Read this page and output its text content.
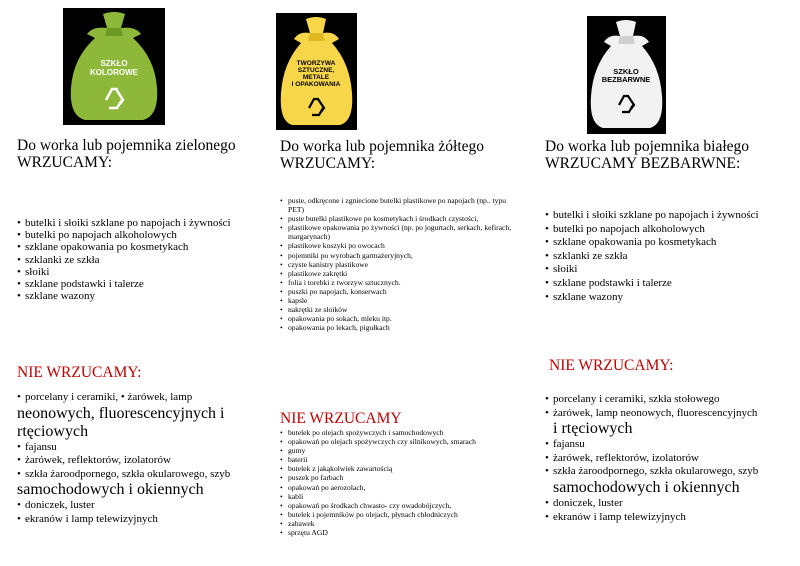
SZKŁO
KOLOROWE
Do worka lub pojemnika zielonego
WRZUCAMY:
• butelki i słoiki szklane po napojach i żywności
• butelki po napojach alkoholowych
• szklane opakowania po kosmetykach
• szklanki ze szkła
• słoiki
• szklane podstawki i talerze
• szklane wazony
NIE WRZUCAMY:
• porcelany i ceramiki, • żarówek, lamp
neonowych, fluorescencyjnych i rtęciowych
• fajansu
• żarówek, reflektorów, izolatorów
• szkła żaroodpornego, szkła okularowego, szyb
samochodowych i okiennych
• doniczek, luster
• ekranów i lamp telewizyjnych
TWORZYWA
SZTUCZNE,
METALE
I OPAKOWANIA
Do worka lub pojemnika żółtego
WRZUCAMY:
• puste, odkręcone i zgniecione butelki plastikowe po napojach (np.. typu PET)
• puste butelki plastikowe po kosmetykach i środkach czystości,
• plastikowe opakowania po żywności (np. po jogurtach, serkach, kefirach, margarynach)
• plastikowe koszyki po owocach
• pojemniki po wyrobach garmażeryjnych,
• czyste kanistry plastikowe
• plastikowe zakrętki
• folia i torebki z tworzyw sztucznych.
• puszki po napojach, konserwach
• kapsle
• nakrętki ze słoików
• opakowania po sokach, mleku itp.
• opakowania po lekach, pigułkach
NIE WRZUCAMY
• butelek po olejach spożywczych i samochodowych
• opakowań po olejach spożywczych czy silnikowych, smarach
• gumy
• baterii
• butelek z jakąkolwiek zawartością
• puszek po farbach
• opakowań po aerozolach,
• kabli
• opakowań po środkach chwasto- czy owadobójczych,
• butelek i pojemników po olejach, płynach chłodniczych
• zabawek
• sprzętu AGD
SZKŁO
BEZBARWNE
Do worka lub pojemnika białego
WRZUCAMY BEZBARWNE:
• butelki i słoiki szklane po napojach i żywności
• butelki po napojach alkoholowych
• szklane opakowania po kosmetykach
• szklanki ze szkła
• słoiki
• szklane podstawki i talerze
• szklane wazony
NIE WRZUCAMY:
• porcelany i ceramiki, szkła stołowego
• żarówek, lamp neonowych, fluorescencyjnych
i rtęciowych
• fajansu
• żarówek, reflektorów, izolatorów
• szkła żaroodpornego, szkła okularowego, szyb
samochodowych i okiennych
• doniczek, luster
• ekranów i lamp telewizyjnych
